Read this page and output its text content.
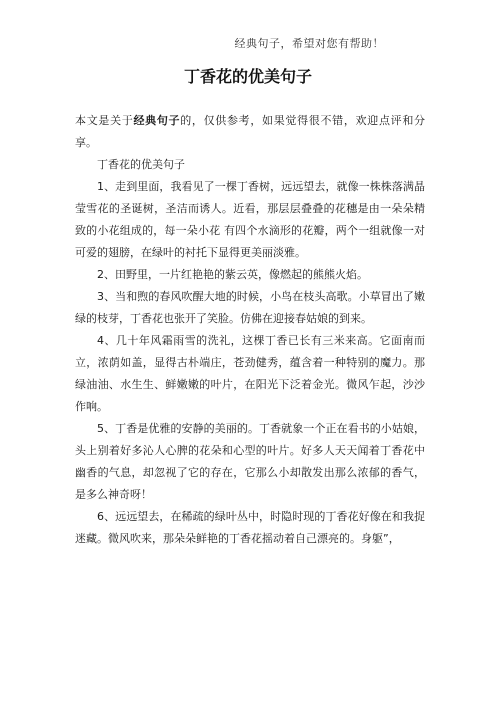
经典句子，希望对您有帮助！
丁香花的优美句子

本文是关于经典句子的，仅供参考，如果觉得很不错，欢迎点评和分享。

丁香花的优美句子

1、走到里面，我看见了一棵丁香树，远远望去，就像一株株落满晶莹雪花的圣诞树，圣洁而诱人。近看，那层层叠叠的花穗是由一朵朵精致的小花组成的，每一朵小花 有四个水滴形的花瓣，两个一组就像一对可爱的翅膀，在绿叶的衬托下显得更美丽淡雅。

2、田野里，一片红艳艳的紫云英，像燃起的熊熊火焰。

3、当和煦的春风吹醒大地的时候，小鸟在枝头高歌。小草冒出了嫩绿的枝芽，丁香花也张开了笑脸。仿佛在迎接春姑娘的到来。

4、几十年风霜雨雪的洗礼，这棵丁香已长有三米来高。它面南而立，浓荫如盖，显得古朴端庄，苍劲健秀，蕴含着一种特别的魔力。那绿油油、水生生、鲜嫩嫩的叶片，在阳光下泛着金光。微风乍起，沙沙作响。

5、丁香是优雅的安静的美丽的。丁香就象一个正在看书的小姑娘，头上别着好多沁人心脾的花朵和心型的叶片。好多人天天闻着丁香花中幽香的气息，却忽视了它的存在，它那么小却散发出那么浓郁的香气，是多么神奇呀！

6、远远望去，在稀疏的绿叶丛中，时隐时现的丁香花好像在和我捉迷藏。微风吹来，那朵朵鲜艳的丁香花摇动着自己漂亮的。身躯”，
